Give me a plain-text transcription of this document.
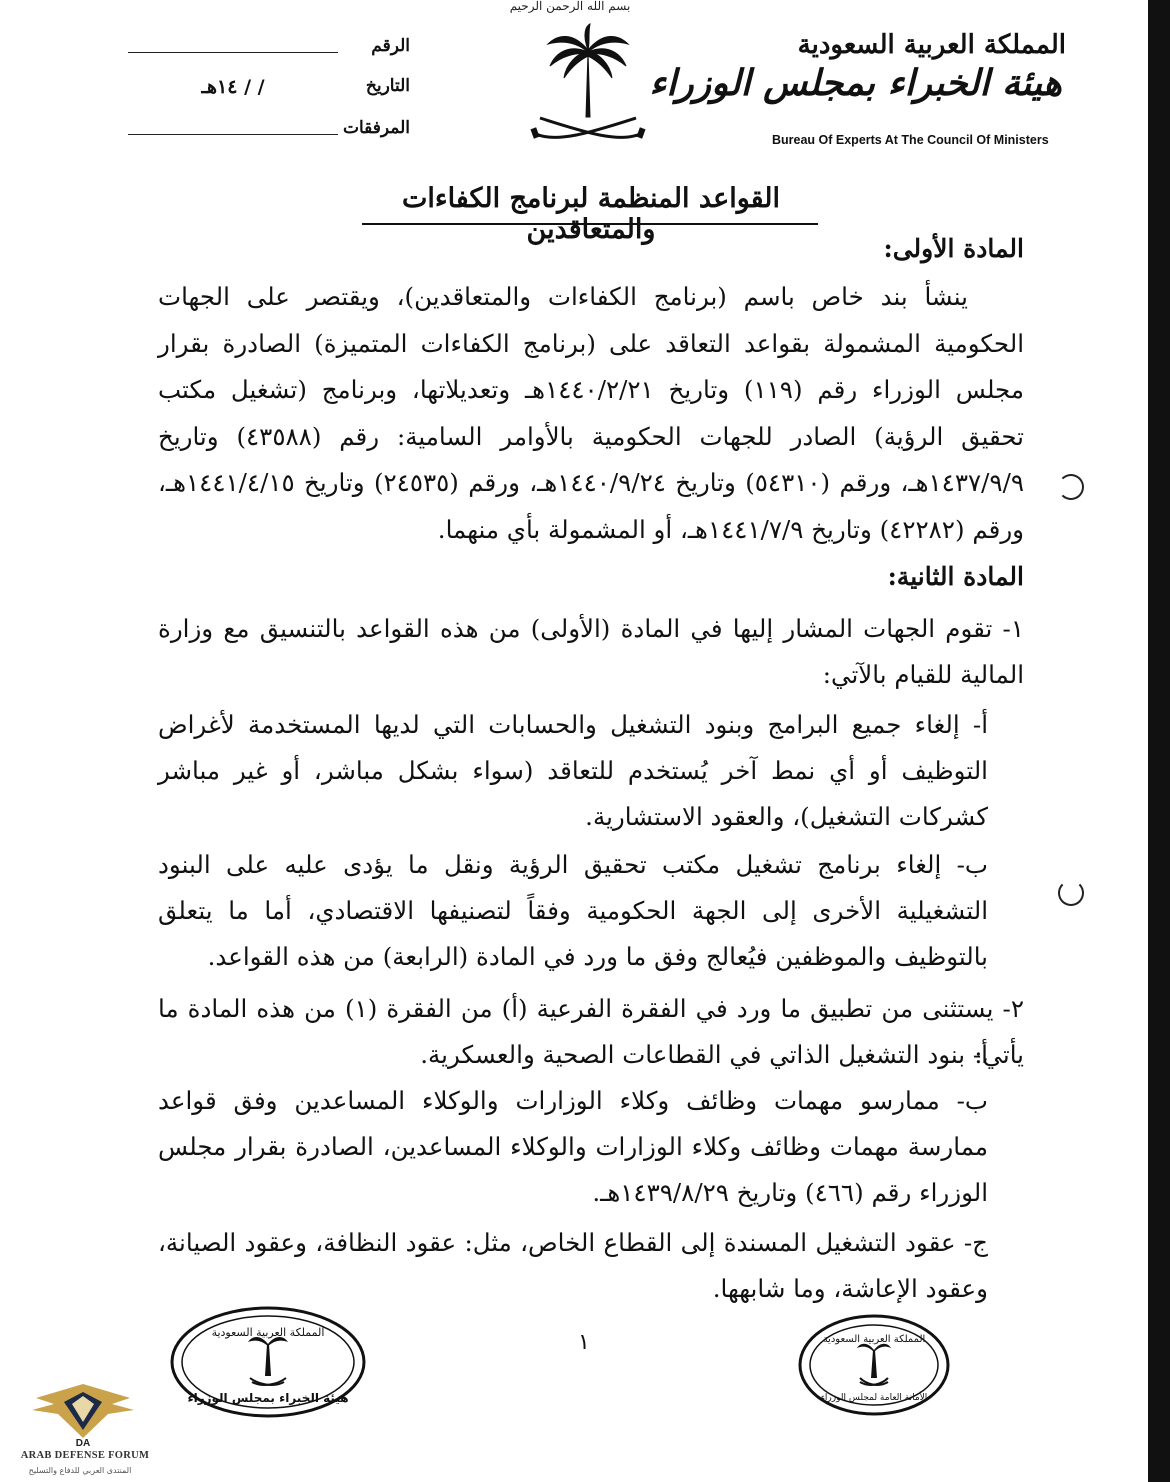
بسم الله الرحمن الرحيم
الرقم
التاريخ
/ / ١٤هـ
المرفقات
المملكة العربية السعودية
هيئة الخبراء بمجلس الوزراء
Bureau Of Experts At The Council Of Ministers
القواعد المنظمة لبرنامج الكفاءات والمتعاقدين
المادة الأولى:
ينشأ بند خاص باسم (برنامج الكفاءات والمتعاقدين)، ويقتصر على الجهات الحكومية المشمولة بقواعد التعاقد على (برنامج الكفاءات المتميزة) الصادرة بقرار مجلس الوزراء رقم (١١٩) وتاريخ ١٤٤٠/٢/٢١هـ وتعديلاتها، وبرنامج (تشغيل مكتب تحقيق الرؤية) الصادر للجهات الحكومية بالأوامر السامية: رقم (٤٣٥٨٨) وتاريخ ١٤٣٧/٩/٩هـ، ورقم (٥٤٣١٠) وتاريخ ١٤٤٠/٩/٢٤هـ، ورقم (٢٤٥٣٥) وتاريخ ١٤٤١/٤/١٥هـ، ورقم (٤٢٢٨٢) وتاريخ ١٤٤١/٧/٩هـ، أو المشمولة بأي منهما.
المادة الثانية:
١- تقوم الجهات المشار إليها في المادة (الأولى) من هذه القواعد بالتنسيق مع وزارة المالية للقيام بالآتي:
أ- إلغاء جميع البرامج وبنود التشغيل والحسابات التي لديها المستخدمة لأغراض التوظيف أو أي نمط آخر يُستخدم للتعاقد (سواء بشكل مباشر، أو غير مباشر كشركات التشغيل)، والعقود الاستشارية.
ب- إلغاء برنامج تشغيل مكتب تحقيق الرؤية ونقل ما يؤدى عليه على البنود التشغيلية الأخرى إلى الجهة الحكومية وفقاً لتصنيفها الاقتصادي، أما ما يتعلق بالتوظيف والموظفين فيُعالج وفق ما ورد في المادة (الرابعة) من هذه القواعد.
٢- يستثنى من تطبيق ما ورد في الفقرة الفرعية (أ) من الفقرة (١) من هذه المادة ما يأتي:
أ- بنود التشغيل الذاتي في القطاعات الصحية والعسكرية.
ب- ممارسو مهمات وظائف وكلاء الوزارات والوكلاء المساعدين وفق قواعد ممارسة مهمات وظائف وكلاء الوزارات والوكلاء المساعدين، الصادرة بقرار مجلس الوزراء رقم (٤٦٦) وتاريخ ١٤٣٩/٨/٢٩هـ.
ج- عقود التشغيل المسندة إلى القطاع الخاص، مثل: عقود النظافة، وعقود الصيانة، وعقود الإعاشة، وما شابهها.
١
المملكة العربية السعودية
هيئة الخبراء بمجلس الوزراء
المملكة العربية السعودية
الأمانة العامة لمجلس الوزراء
DA
ARAB DEFENSE FORUM
المنتدى العربي للدفاع والتسليح
